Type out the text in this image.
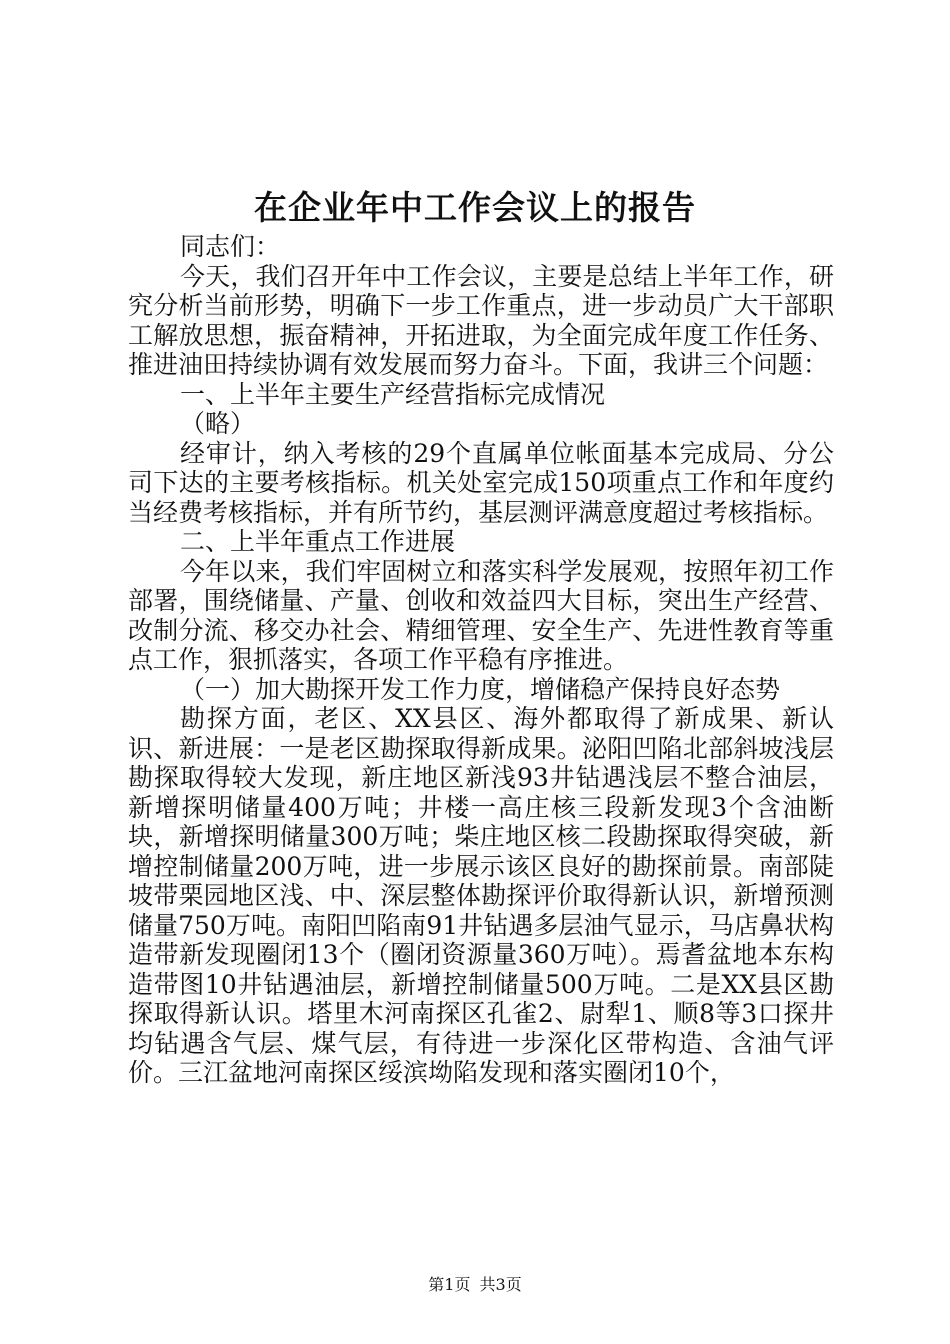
在企业年中工作会议上的报告

同志们：

今天，我们召开年中工作会议，主要是总结上半年工作，研究分析当前形势，明确下一步工作重点，进一步动员广大干部职工解放思想，振奋精神，开拓进取，为全面完成年度工作任务、推进油田持续协调有效发展而努力奋斗。下面，我讲三个问题：

一、上半年主要生产经营指标完成情况

（略）

经审计，纳入考核的29个直属单位帐面基本完成局、分公司下达的主要考核指标。机关处室完成150项重点工作和年度约当经费考核指标，并有所节约，基层测评满意度超过考核指标。

二、上半年重点工作进展

今年以来，我们牢固树立和落实科学发展观，按照年初工作部署，围绕储量、产量、创收和效益四大目标，突出生产经营、改制分流、移交办社会、精细管理、安全生产、先进性教育等重点工作，狠抓落实，各项工作平稳有序推进。

（一）加大勘探开发工作力度，增储稳产保持良好态势

勘探方面，老区、XX县区、海外都取得了新成果、新认识、新进展：一是老区勘探取得新成果。泌阳凹陷北部斜坡浅层勘探取得较大发现，新庄地区新浅93井钻遇浅层不整合油层，新增探明储量400万吨；井楼一高庄核三段新发现3个含油断块，新增探明储量300万吨；柴庄地区核二段勘探取得突破，新增控制储量200万吨，进一步展示该区良好的勘探前景。南部陡坡带栗园地区浅、中、深层整体勘探评价取得新认识，新增预测储量750万吨。南阳凹陷南91井钻遇多层油气显示，马店鼻状构造带新发现圈闭13个（圈闭资源量360万吨）。焉耆盆地本东构造带图10井钻遇油层，新增控制储量500万吨。二是XX县区勘探取得新认识。塔里木河南探区孔雀2、尉犁1、顺8等3口探井均钻遇含气层、煤气层，有待进一步深化区带构造、含油气评价。三江盆地河南探区绥滨坳陷发现和落实圈闭10个，

第1页 共3页
